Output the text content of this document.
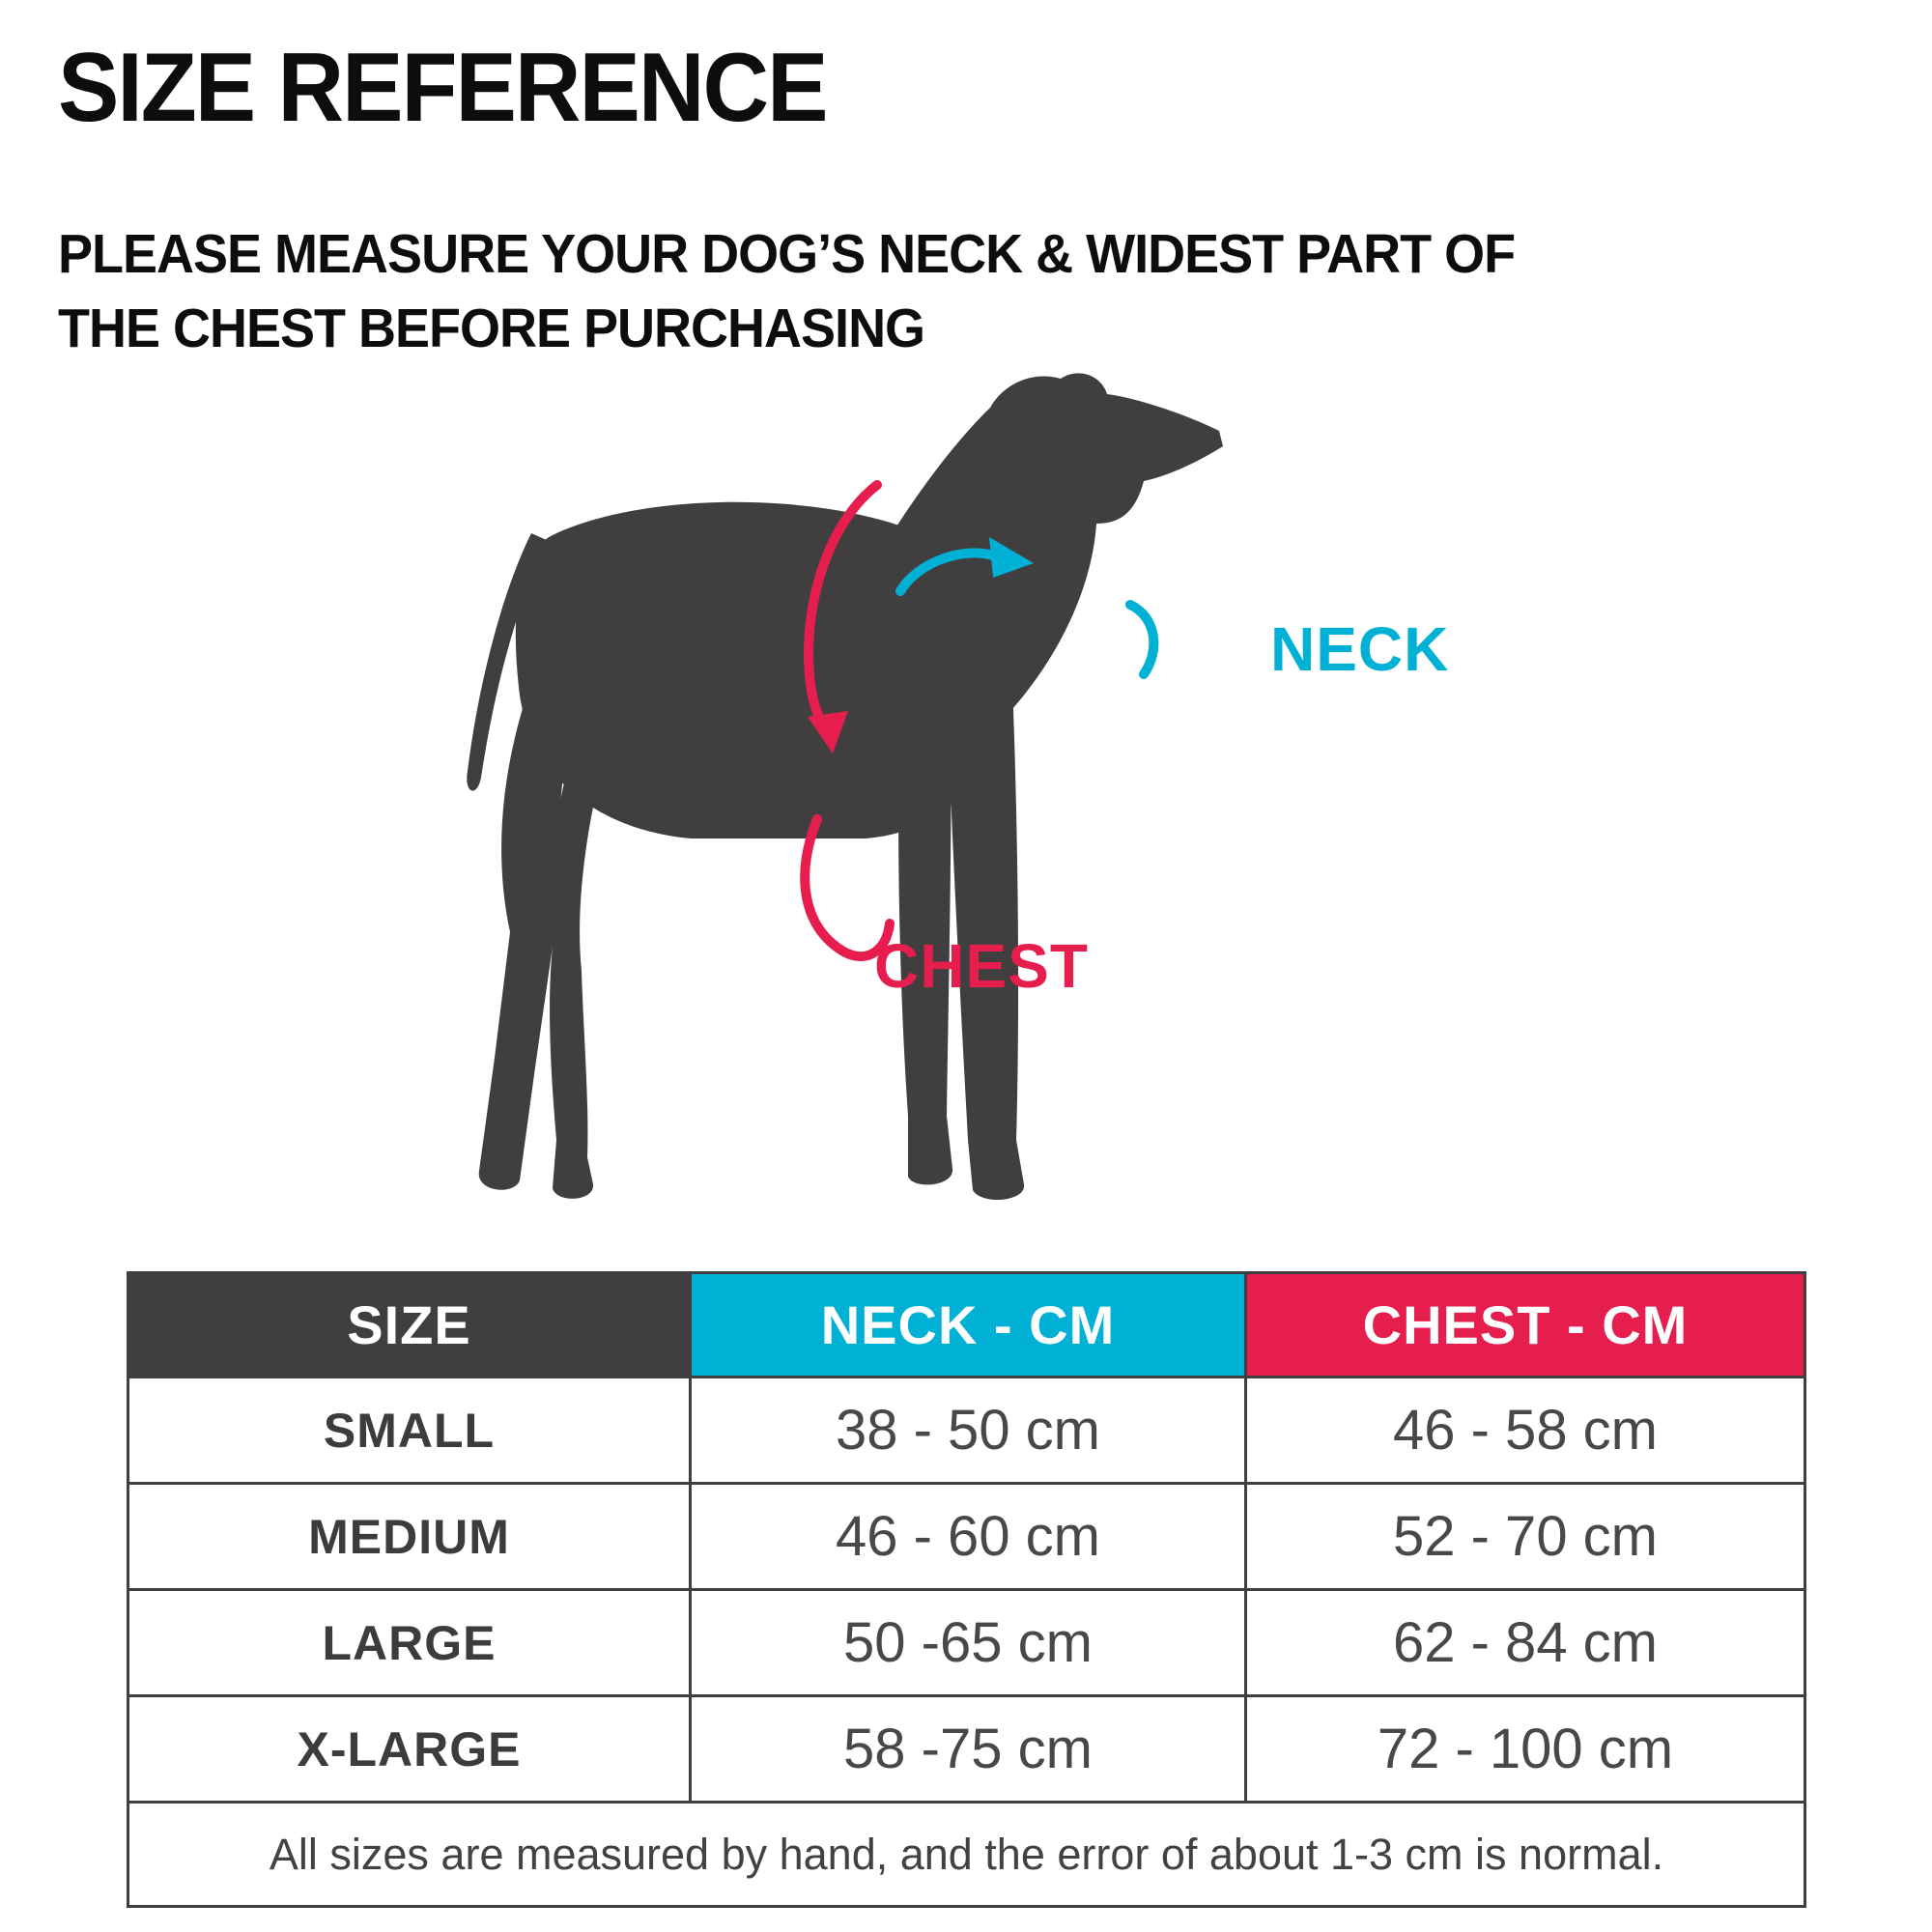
SIZE REFERENCE
PLEASE MEASURE YOUR DOG’S NECK & WIDEST PART OF
THE CHEST BEFORE PURCHASING
NECK
CHEST
SIZE	NECK - CM	CHEST - CM
SMALL	38 - 50 cm	46 - 58 cm
MEDIUM	46 - 60 cm	52 - 70 cm
LARGE	50 -65 cm	62 - 84 cm
X-LARGE	58 -75 cm	72 - 100 cm
All sizes are measured by hand, and the error of about 1-3 cm is normal.
